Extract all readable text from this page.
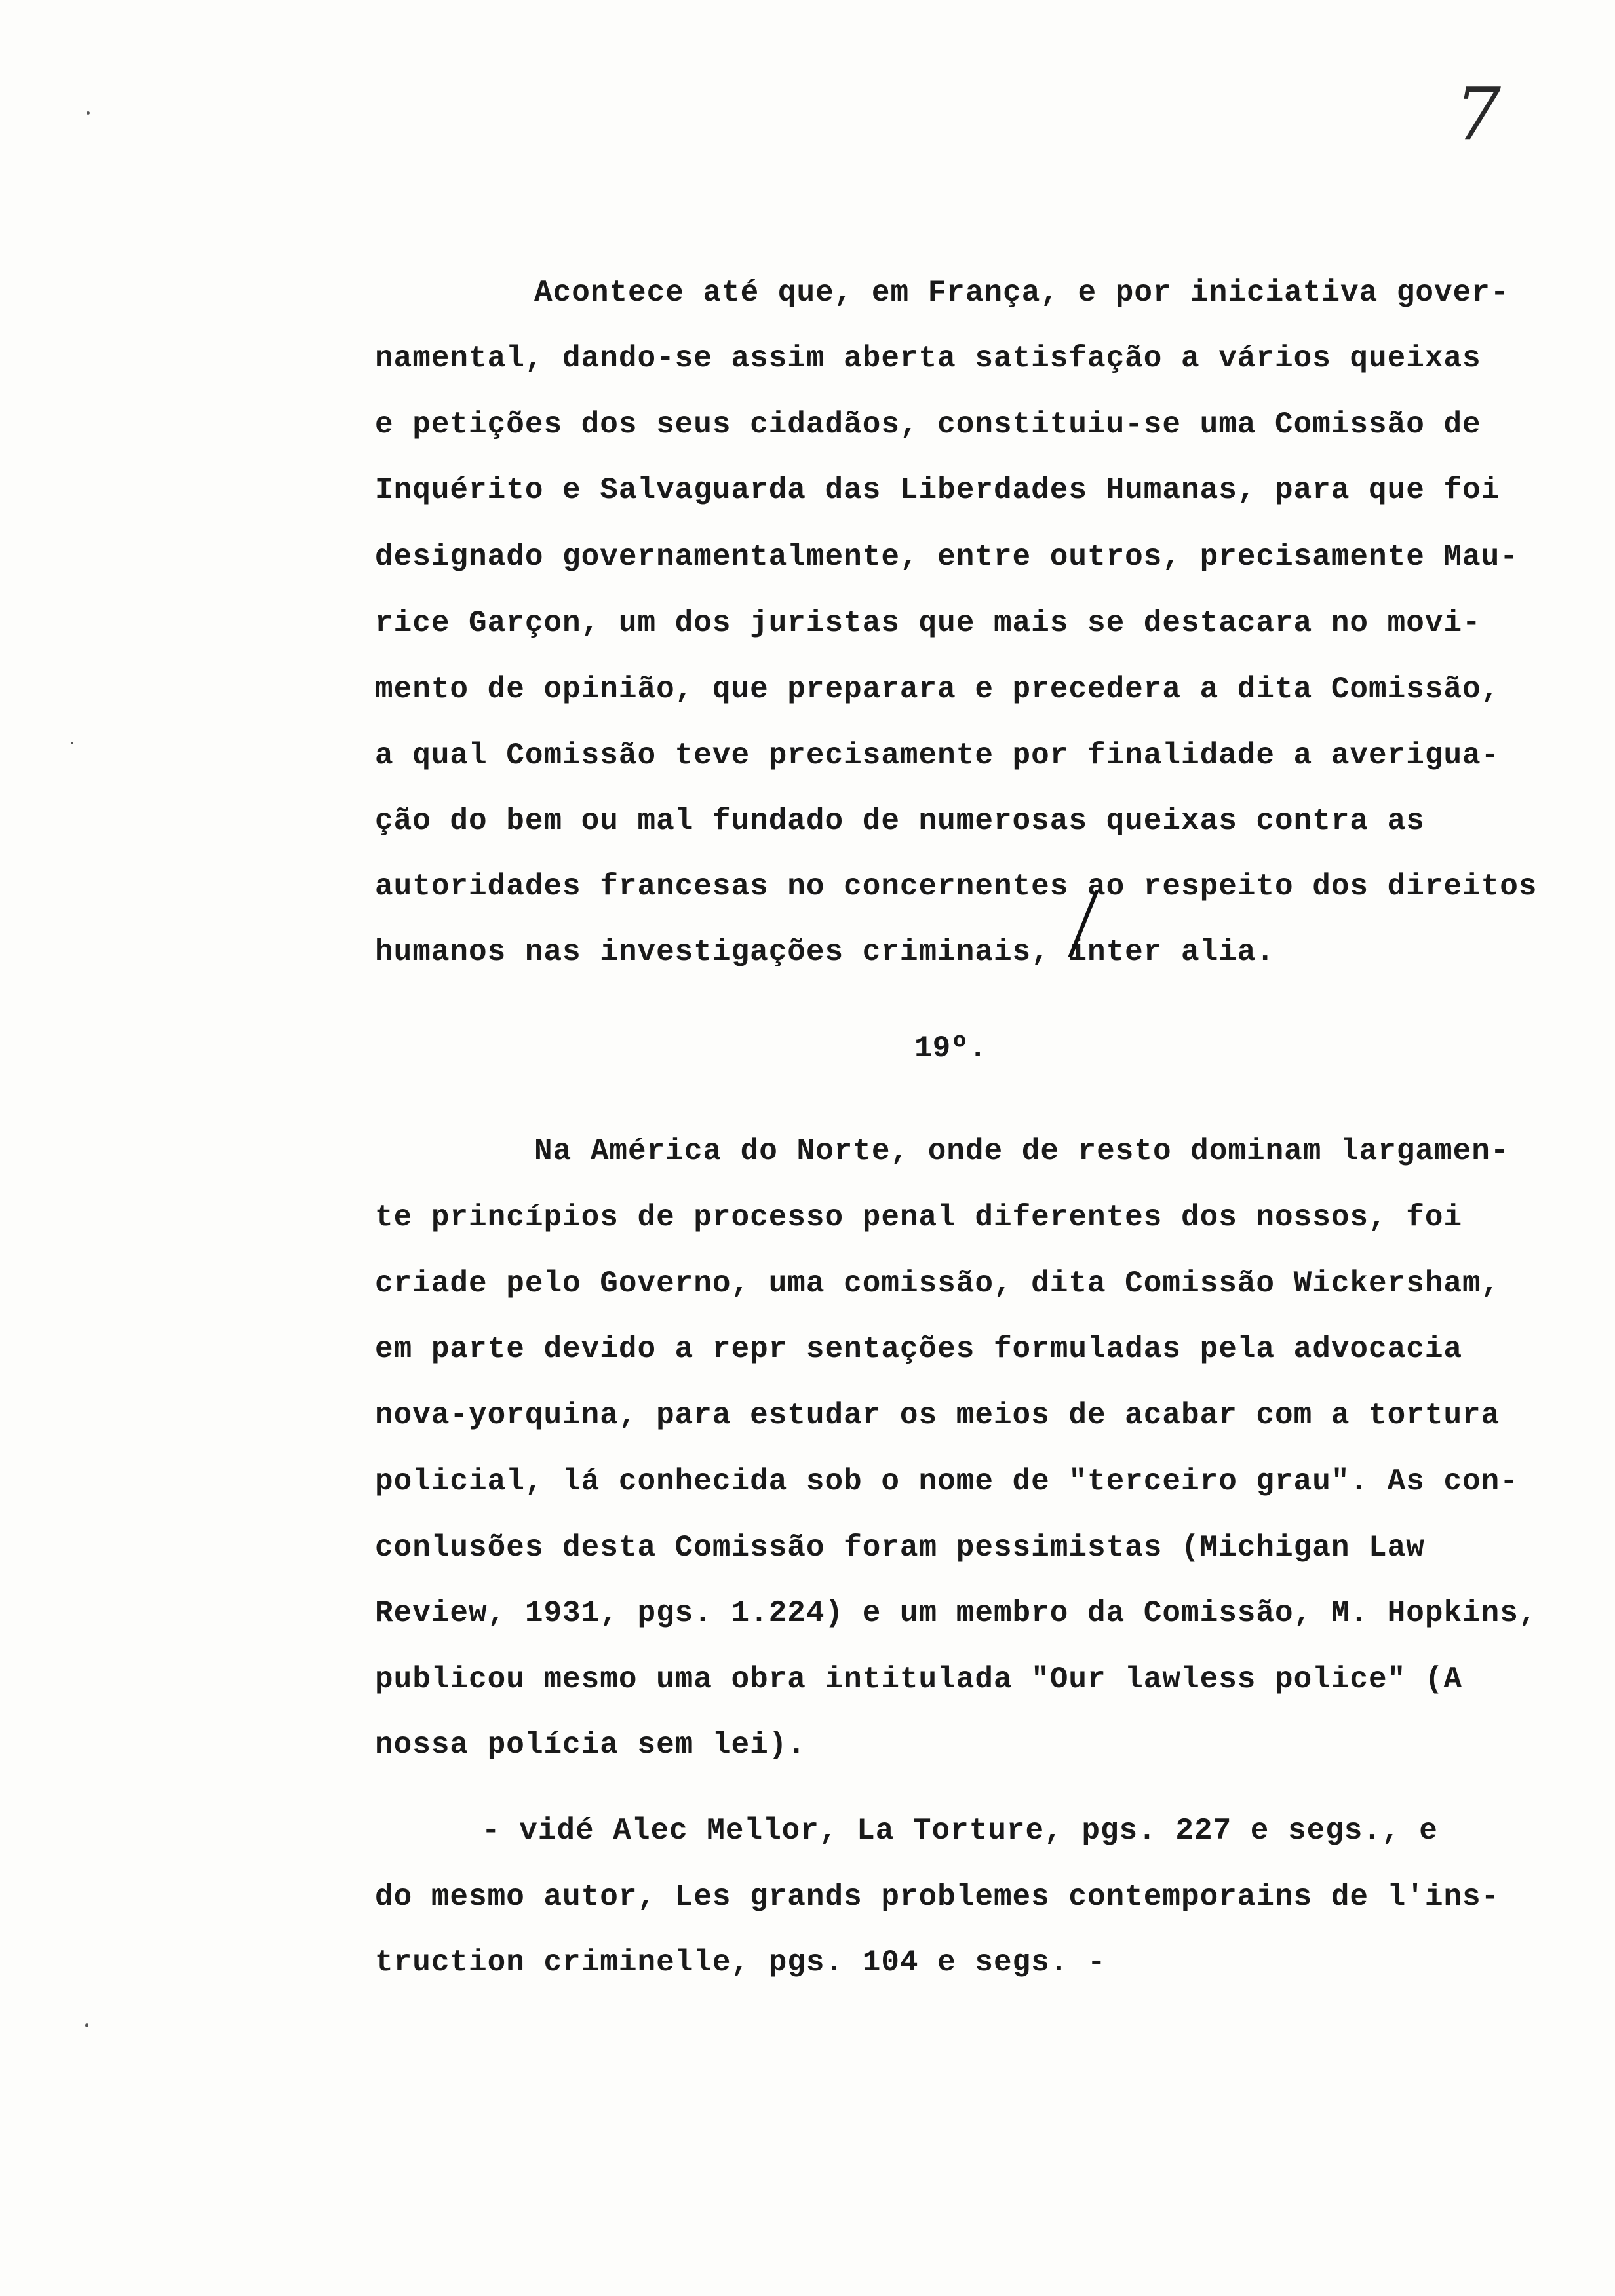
7
Acontece até que, em França, e por iniciativa gover-
namental, dando-se assim aberta satisfação a vários queixas
e petições dos seus cidadãos, constituiu-se uma Comissão de
Inquérito e Salvaguarda das Liberdades Humanas, para que foi
designado governamentalmente, entre outros, precisamente Mau-
rice Garçon, um dos juristas que mais se destacara no movi-
mento de opinião, que preparara e precedera a dita Comissão,
a qual Comissão teve precisamente por finalidade a averigua-
ção do bem ou mal fundado de numerosas queixas contra as
autoridades francesas no concernentes ao respeito dos direitos
humanos nas investigações criminais, inter alia.
19º.
Na América do Norte, onde de resto dominam largamen-
te princípios de processo penal diferentes dos nossos, foi
criade pelo Governo, uma comissão, dita Comissão Wickersham,
em parte devido a repr sentações formuladas pela advocacia
nova-yorquina, para estudar os meios de acabar com a tortura
policial, lá conhecida sob o nome de "terceiro grau". As con-
conlusões desta Comissão foram pessimistas (Michigan Law
Review, 1931, pgs. 1.224) e um membro da Comissão, M. Hopkins,
publicou mesmo uma obra intitulada "Our lawless police" (A
nossa polícia sem lei).
- vidé Alec Mellor, La Torture, pgs. 227 e segs., e
do mesmo autor, Les grands problemes contemporains de l'ins-
truction criminelle, pgs. 104 e segs. -
